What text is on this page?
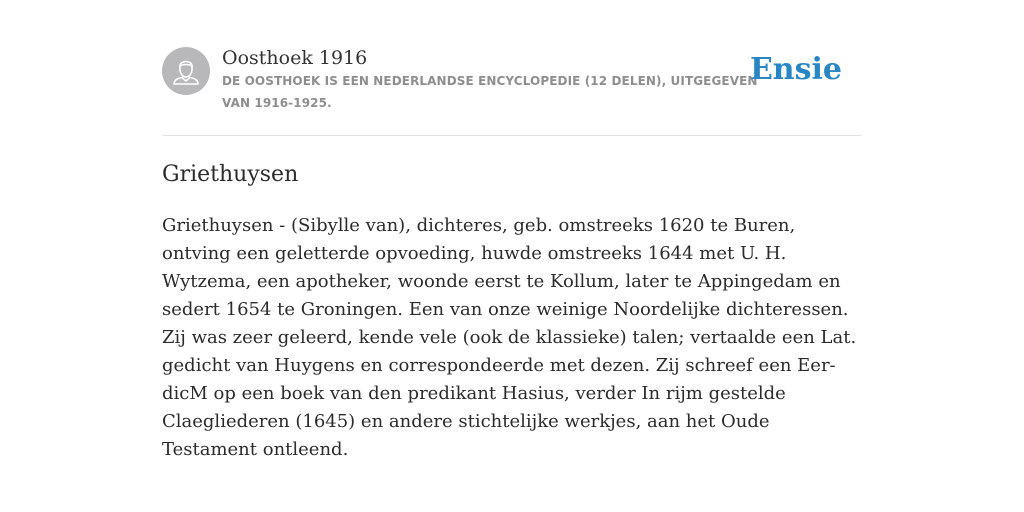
Oosthoek 1916
DE OOSTHOEK IS EEN NEDERLANDSE ENCYCLOPEDIE (12 DELEN), UITGEGEVEN VAN 1916-1925.
Ensie
Griethuysen

Griethuysen - (Sibylle van), dichteres, geb. omstreeks 1620 te Buren, ontving een geletterde opvoeding, huwde omstreeks 1644 met U. H. Wytzema, een apotheker, woonde eerst te Kollum, later te Appingedam en sedert 1654 te Groningen. Een van onze weinige Noordelijke dichteressen. Zij was zeer geleerd, kende vele (ook de klassieke) talen; vertaalde een Lat. gedicht van Huygens en correspondeerde met dezen. Zij schreef een Eer-dicM op een boek van den predikant Hasius, verder In rijm gestelde Claegliederen (1645) en andere stichtelijke werkjes, aan het Oude Testament ontleend.
